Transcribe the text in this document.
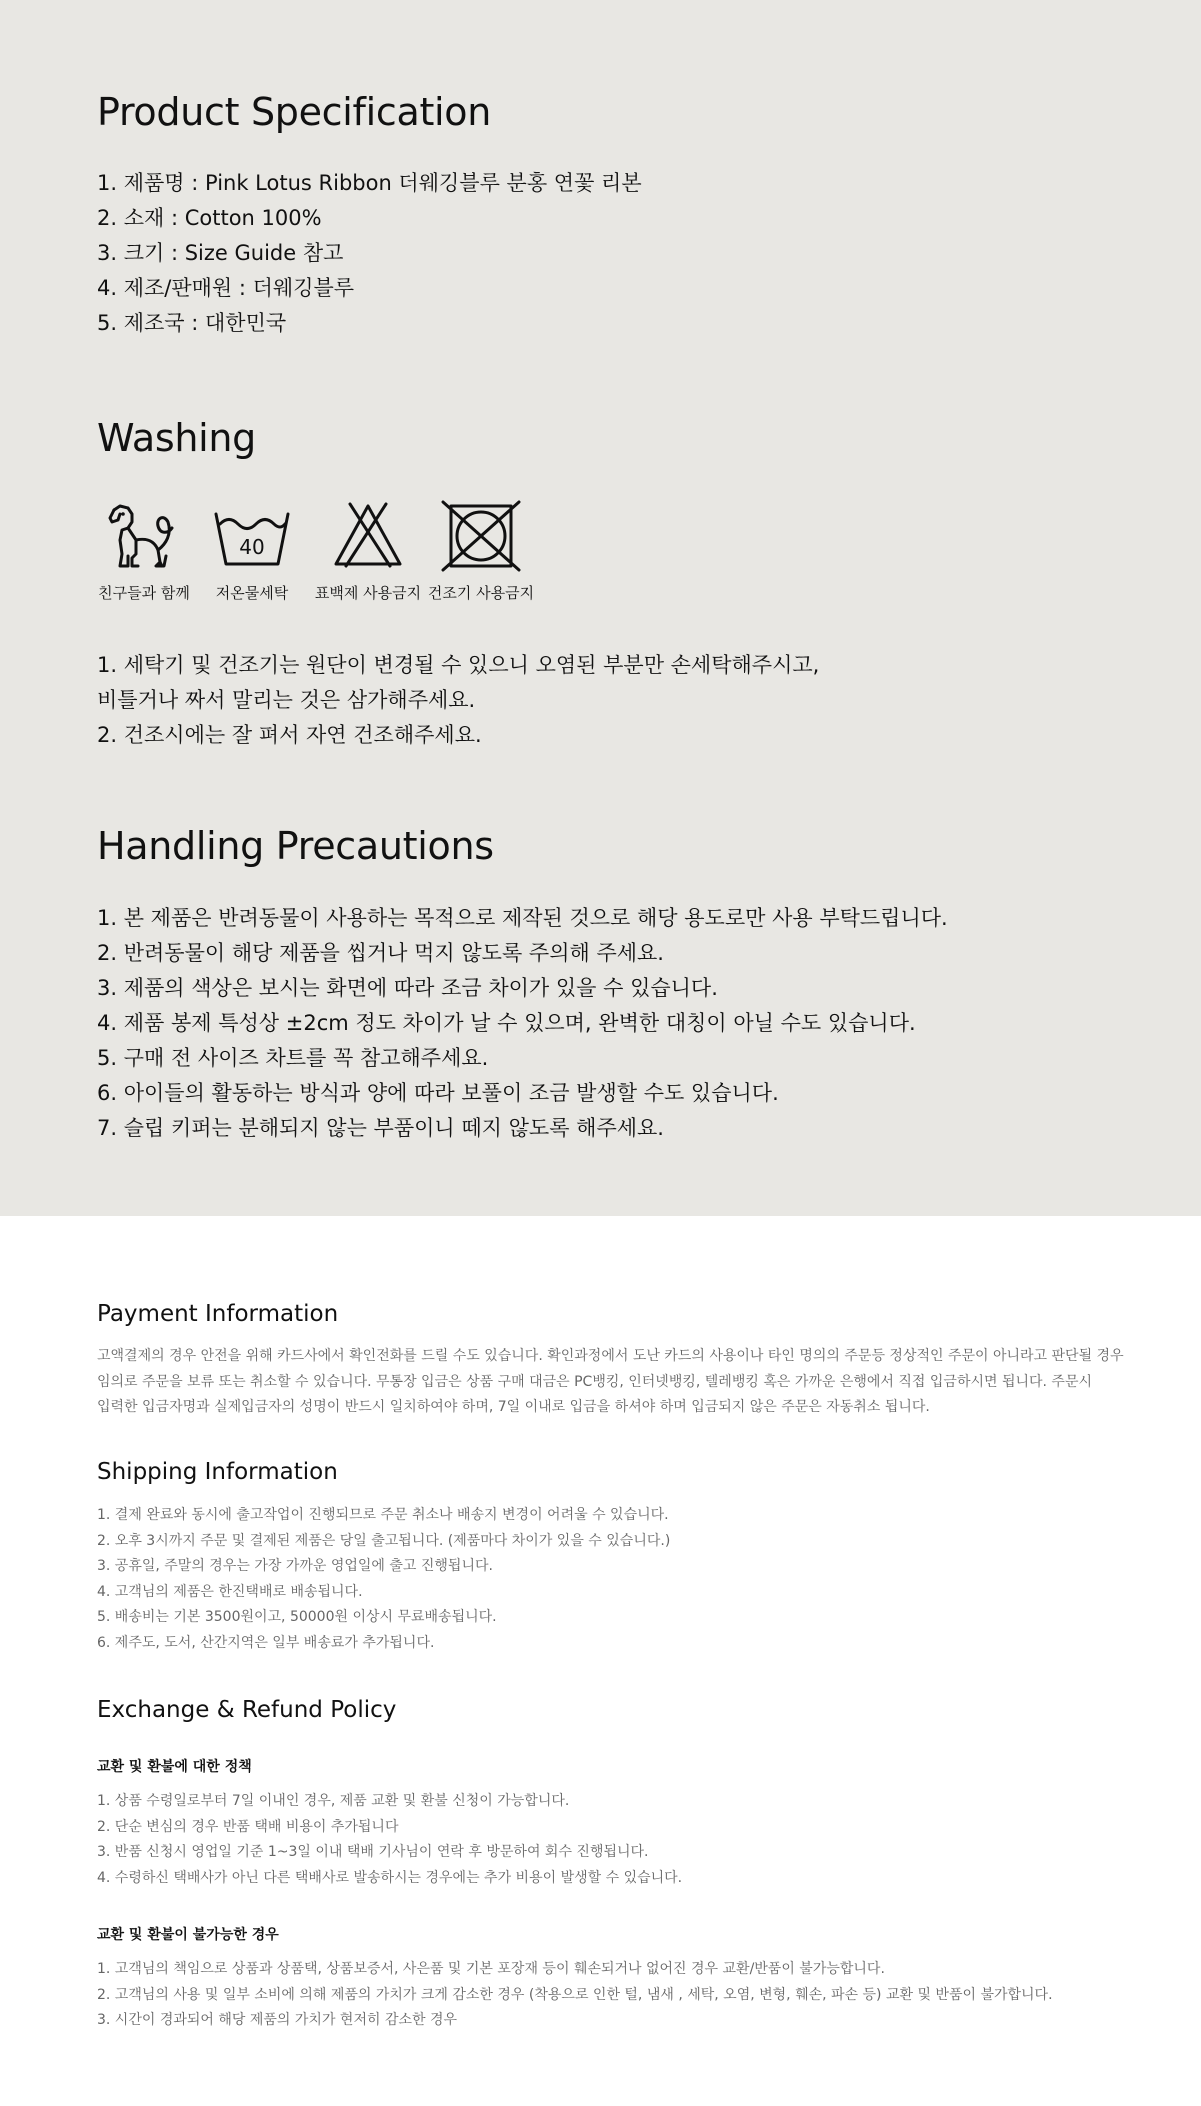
Product Specification
1. 제품명 : Pink Lotus Ribbon 더웨깅블루 분홍 연꽃 리본
2. 소재 : Cotton 100%
3. 크기 : Size Guide 참고
4. 제조/판매원 : 더웨깅블루
5. 제조국 : 대한민국
Washing
친구들과 함께
40
저온물세탁	표백제 사용금지 건조기 사용금지
1. 세탁기 및 건조기는 원단이 변경될 수 있으니 오염된 부분만 손세탁해주시고,
비틀거나 짜서 말리는 것은 삼가해주세요.
2. 건조시에는 잘 펴서 자연 건조해주세요.
Handling Precautions
1. 본 제품은 반려동물이 사용하는 목적으로 제작된 것으로 해당 용도로만 사용 부탁드립니다.
2. 반려동물이 해당 제품을 씹거나 먹지 않도록 주의해 주세요.
3. 제품의 색상은 보시는 화면에 따라 조금 차이가 있을 수 있습니다.
4. 제품 봉제 특성상 ±2cm 정도 차이가 날 수 있으며, 완벽한 대칭이 아닐 수도 있습니다.
5. 구매 전 사이즈 차트를 꼭 참고해주세요.
6. 아이들의 활동하는 방식과 양에 따라 보풀이 조금 발생할 수도 있습니다.
7. 슬립 키퍼는 분해되지 않는 부품이니 떼지 않도록 해주세요.
Payment Information
고액결제의 경우 안전을 위해 카드사에서 확인전화를 드릴 수도 있습니다. 확인과정에서 도난 카드의 사용이나 타인 명의의 주문등 정상적인 주문이 아니라고 판단될 경우
임의로 주문을 보류 또는 취소할 수 있습니다. 무통장 입금은 상품 구매 대금은 PC뱅킹, 인터넷뱅킹, 텔레뱅킹 혹은 가까운 은행에서 직접 입금하시면 됩니다. 주문시
입력한 입금자명과 실제입금자의 성명이 반드시 일치하여야 하며, 7일 이내로 입금을 하셔야 하며 입금되지 않은 주문은 자동취소 됩니다.
Shipping Information
1. 결제 완료와 동시에 출고작업이 진행되므로 주문 취소나 배송지 변경이 어려울 수 있습니다.
2. 오후 3시까지 주문 및 결제된 제품은 당일 출고됩니다. (제품마다 차이가 있을 수 있습니다.)
3. 공휴일, 주말의 경우는 가장 가까운 영업일에 출고 진행됩니다.
4. 고객님의 제품은 한진택배로 배송됩니다.
5. 배송비는 기본 3500원이고, 50000원 이상시 무료배송됩니다.
6. 제주도, 도서, 산간지역은 일부 배송료가 추가됩니다.
Exchange & Refund Policy
교환 및 환불에 대한 정책
1. 상품 수령일로부터 7일 이내인 경우, 제품 교환 및 환불 신청이 가능합니다.
2. 단순 변심의 경우 반품 택배 비용이 추가됩니다
3. 반품 신청시 영업일 기준 1~3일 이내 택배 기사님이 연락 후 방문하여 회수 진행됩니다.
4. 수령하신 택배사가 아닌 다른 택배사로 발송하시는 경우에는 추가 비용이 발생할 수 있습니다.
교환 및 환불이 불가능한 경우
1. 고객님의 책임으로 상품과 상품택, 상품보증서, 사은품 및 기본 포장재 등이 훼손되거나 없어진 경우 교환/반품이 불가능합니다.
2. 고객님의 사용 및 일부 소비에 의해 제품의 가치가 크게 감소한 경우 (착용으로 인한 털, 냄새 , 세탁, 오염, 변형, 훼손, 파손 등) 교환 및 반품이 불가합니다.
3. 시간이 경과되어 해당 제품의 가치가 현저히 감소한 경우
